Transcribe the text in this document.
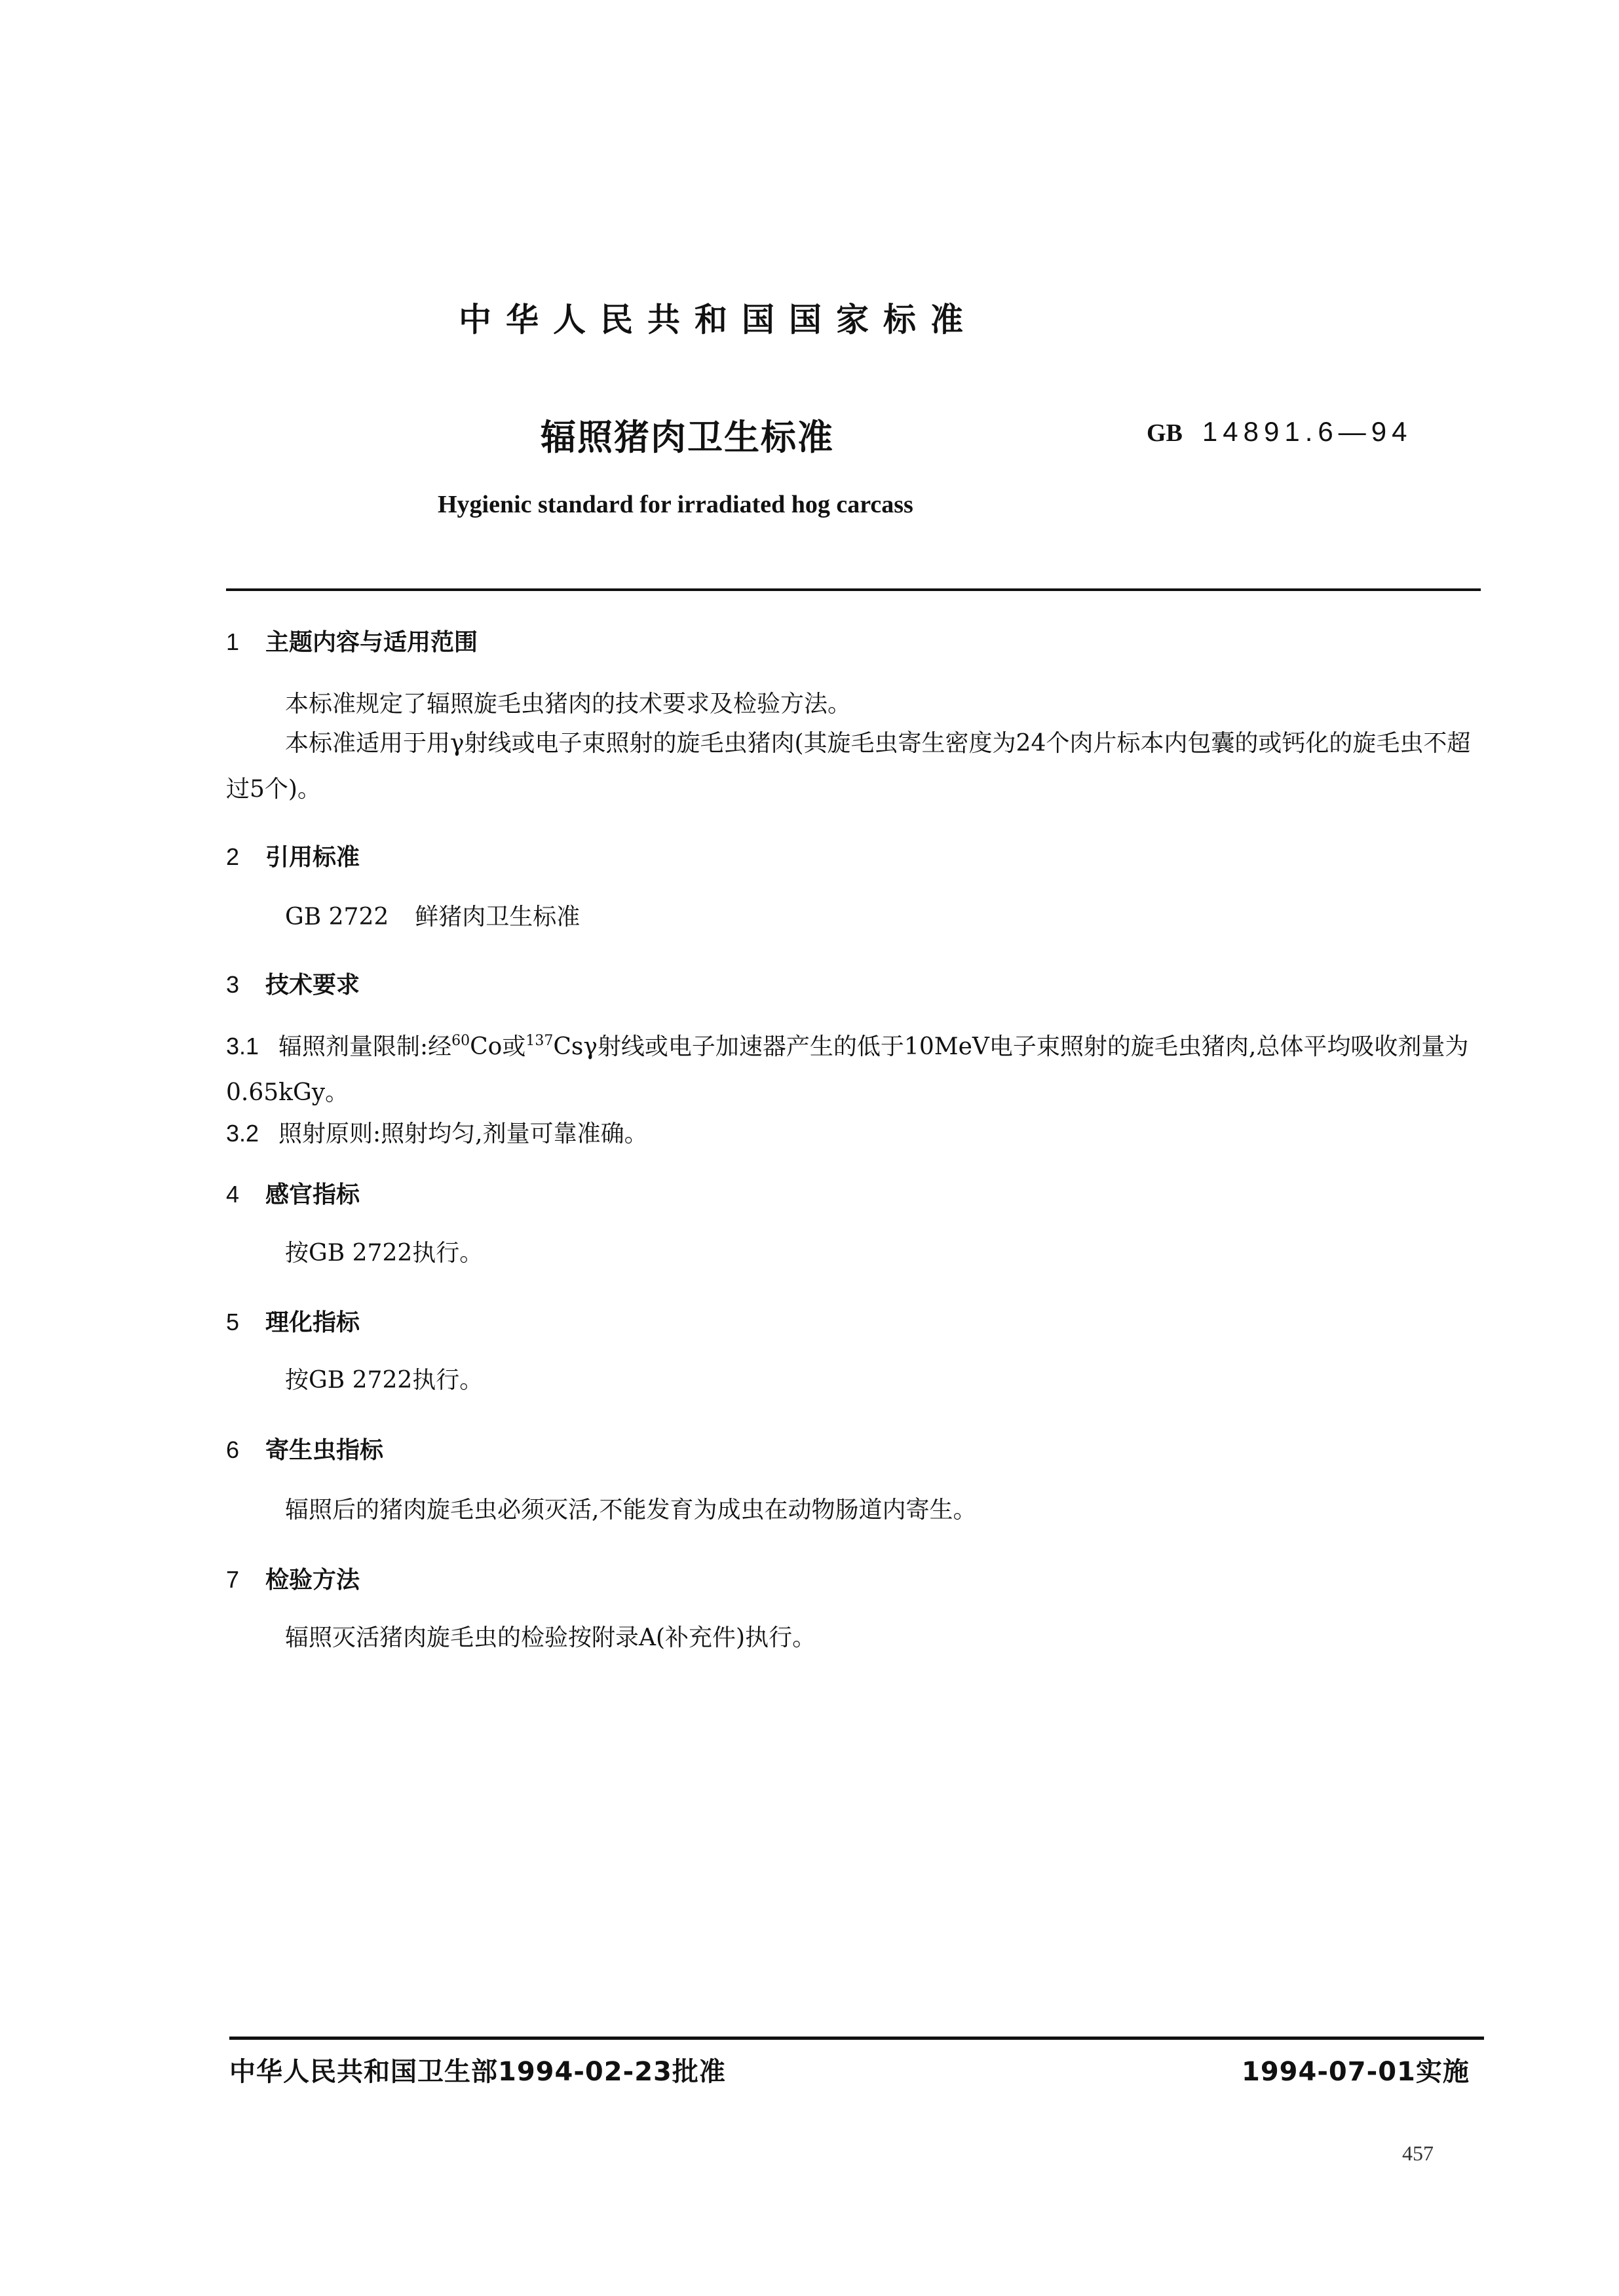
中华人民共和国国家标准
辐照猪肉卫生标准	GB 14891.6—94
Hygienic standard for irradiated hog carcass
1 主题内容与适用范围
本标准规定了辐照旋毛虫猪肉的技术要求及检验方法。
本标准适用于用γ射线或电子束照射的旋毛虫猪肉(其旋毛虫寄生密度为24个肉片标本内包囊的或钙化的旋毛虫不超过5个)。
2 引用标准
GB 2722 鲜猪肉卫生标准
3 技术要求
3.1 辐照剂量限制:经$^{60}$Co或$^{137}$Csγ射线或电子加速器产生的低于10MeV电子束照射的旋毛虫猪肉,总体平均吸收剂量为0.65kGy。
3.2 照射原则:照射均匀,剂量可靠准确。
4 感官指标
按GB 2722执行。
5 理化指标
按GB 2722执行。
6 寄生虫指标
辐照后的猪肉旋毛虫必须灭活,不能发育为成虫在动物肠道内寄生。
7 检验方法
辐照灭活猪肉旋毛虫的检验按附录A(补充件)执行。
中华人民共和国卫生部1994-02-23批准	1994-07-01实施
457
